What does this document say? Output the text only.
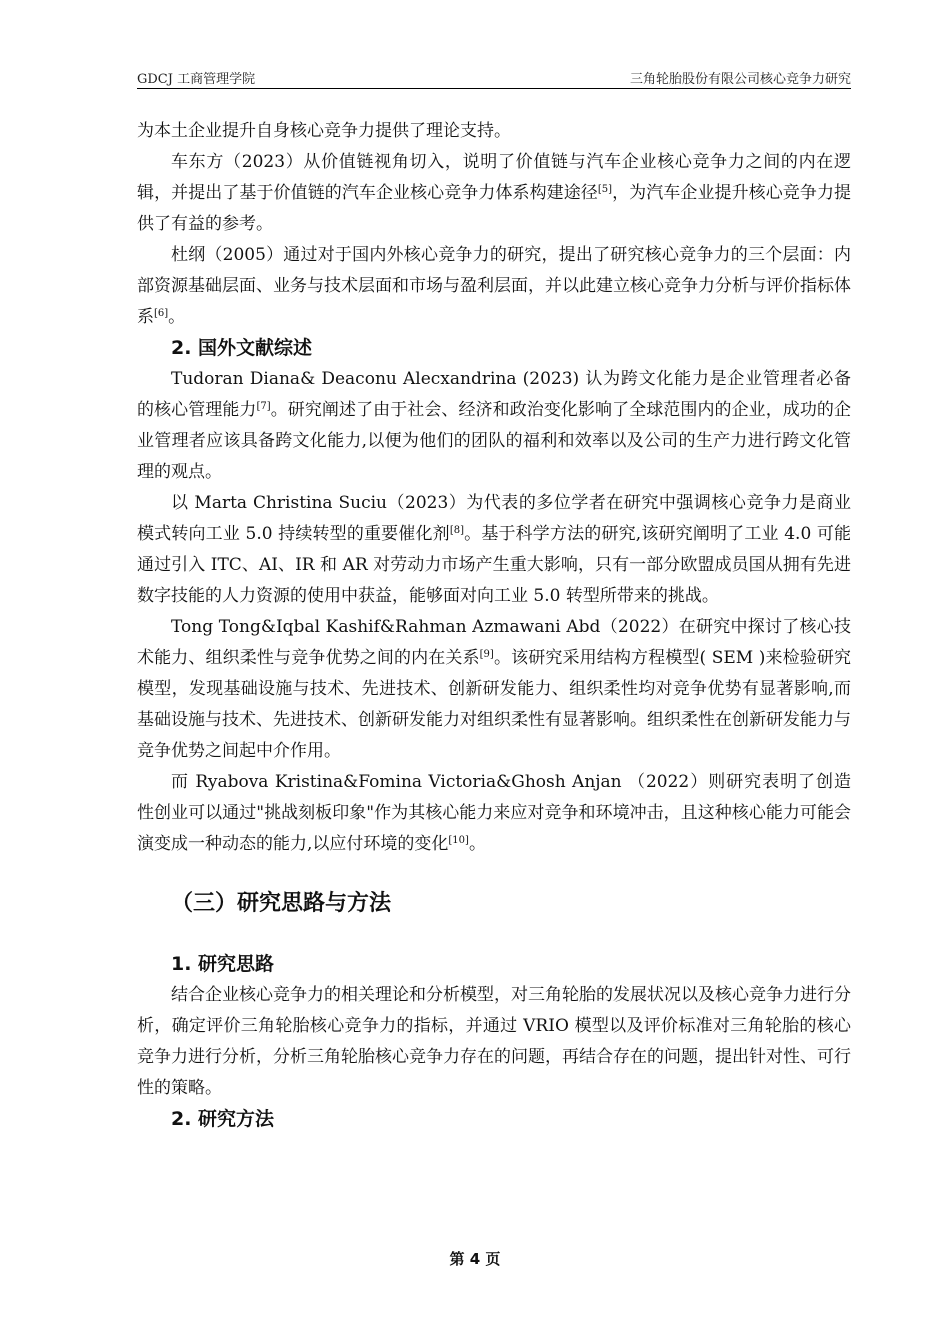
GDCJ 工商管理学院	三角轮胎股份有限公司核心竞争力研究

为本土企业提升自身核心竞争力提供了理论支持。

车东方（2023）从价值链视角切入，说明了价值链与汽车企业核心竞争力之间的内在逻辑，并提出了基于价值链的汽车企业核心竞争力体系构建途径[5]，为汽车企业提升核心竞争力提供了有益的参考。

杜纲（2005）通过对于国内外核心竞争力的研究，提出了研究核心竞争力的三个层面：内部资源基础层面、业务与技术层面和市场与盈利层面，并以此建立核心竞争力分析与评价指标体系[6]。

2. 国外文献综述

Tudoran Diana& Deaconu Alecxandrina (2023) 认为跨文化能力是企业管理者必备的核心管理能力[7]。研究阐述了由于社会、经济和政治变化影响了全球范围内的企业，成功的企业管理者应该具备跨文化能力,以便为他们的团队的福利和效率以及公司的生产力进行跨文化管理的观点。

以 Marta Christina Suciu（2023）为代表的多位学者在研究中强调核心竞争力是商业模式转向工业 5.0 持续转型的重要催化剂[8]。基于科学方法的研究,该研究阐明了工业 4.0 可能通过引入 ITC、AI、IR 和 AR 对劳动力市场产生重大影响，只有一部分欧盟成员国从拥有先进数字技能的人力资源的使用中获益，能够面对向工业 5.0 转型所带来的挑战。

Tong Tong&Iqbal Kashif&Rahman Azmawani Abd（2022）在研究中探讨了核心技术能力、组织柔性与竞争优势之间的内在关系[9]。该研究采用结构方程模型( SEM )来检验研究模型，发现基础设施与技术、先进技术、创新研发能力、组织柔性均对竞争优势有显著影响,而基础设施与技术、先进技术、创新研发能力对组织柔性有显著影响。组织柔性在创新研发能力与竞争优势之间起中介作用。

而 Ryabova Kristina&Fomina Victoria&Ghosh Anjan （2022）则研究表明了创造性创业可以通过"挑战刻板印象"作为其核心能力来应对竞争和环境冲击，且这种核心能力可能会演变成一种动态的能力,以应付环境的变化[10]。

（三）研究思路与方法
1. 研究思路

结合企业核心竞争力的相关理论和分析模型，对三角轮胎的发展状况以及核心竞争力进行分析，确定评价三角轮胎核心竞争力的指标，并通过 VRIO 模型以及评价标准对三角轮胎的核心竞争力进行分析，分析三角轮胎核心竞争力存在的问题，再结合存在的问题，提出针对性、可行性的策略。

2. 研究方法
第 4 页
